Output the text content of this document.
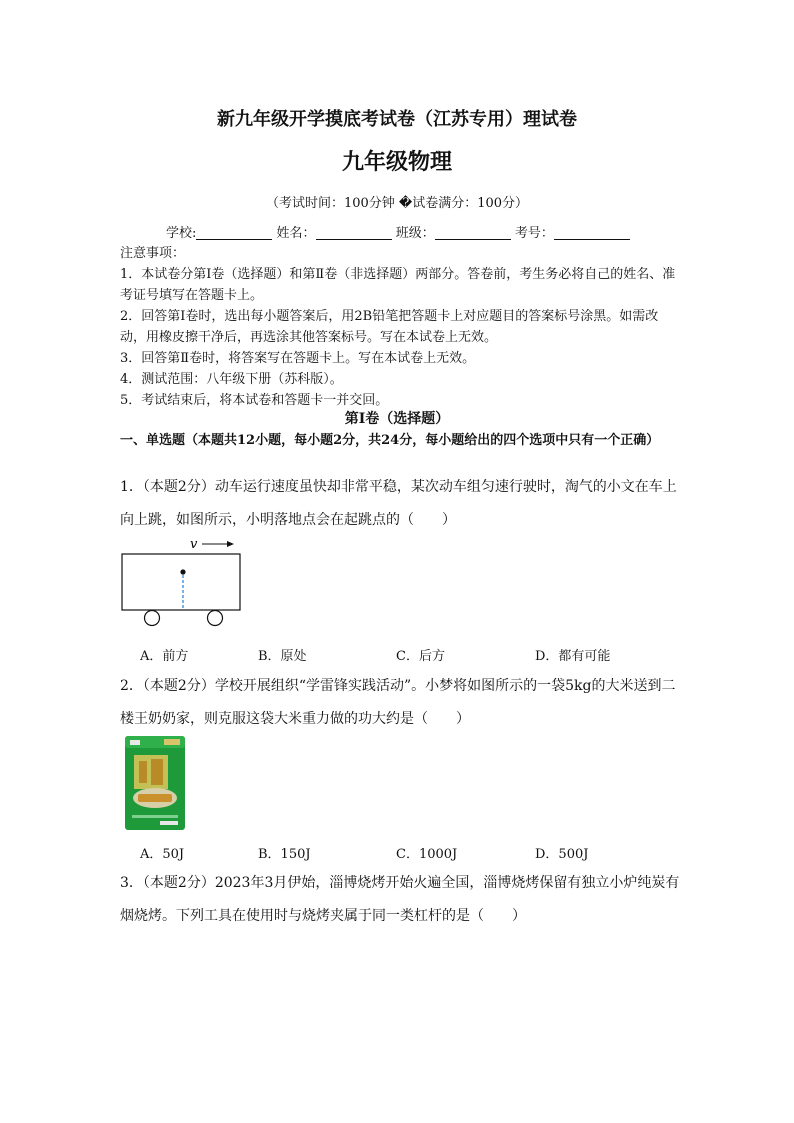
新九年级开学摸底考试卷（江苏专用）理试卷
九年级物理
（考试时间：100分钟 �试卷满分：100分）
学校:	姓名：	班级：	考号：
注意事项：
1．本试卷分第Ⅰ卷（选择题）和第Ⅱ卷（非选择题）两部分。答卷前，考生务必将自己的姓名、准考证号填写在答题卡上。
2．回答第Ⅰ卷时，选出每小题答案后，用2B铅笔把答题卡上对应题目的答案标号涂黑。如需改动，用橡皮擦干净后，再选涂其他答案标号。写在本试卷上无效。
3．回答第Ⅱ卷时，将答案写在答题卡上。写在本试卷上无效。
4．测试范围：八年级下册（苏科版）。
5．考试结束后，将本试卷和答题卡一并交回。
第Ⅰ卷（选择题）
一、单选题（本题共12小题，每小题2分，共24分，每小题给出的四个选项中只有一个正确）
1．（本题2分）动车运行速度虽快却非常平稳，某次动车组匀速行驶时，淘气的小文在车上向上跳，如图所示，小明落地点会在起跳点的（　　）
v
A．前方	B．原处	C．后方	D．都有可能
2．（本题2分）学校开展组织“学雷锋实践活动”。小梦将如图所示的一袋5kg的大米送到二楼王奶奶家，则克服这袋大米重力做的功大约是（　　）
A．50J	B．150J	C．1000J	D．500J
3．（本题2分）2023年3月伊始，淄博烧烤开始火遍全国，淄博烧烤保留有独立小炉纯炭有烟烧烤。下列工具在使用时与烧烤夹属于同一类杠杆的是（　　）
